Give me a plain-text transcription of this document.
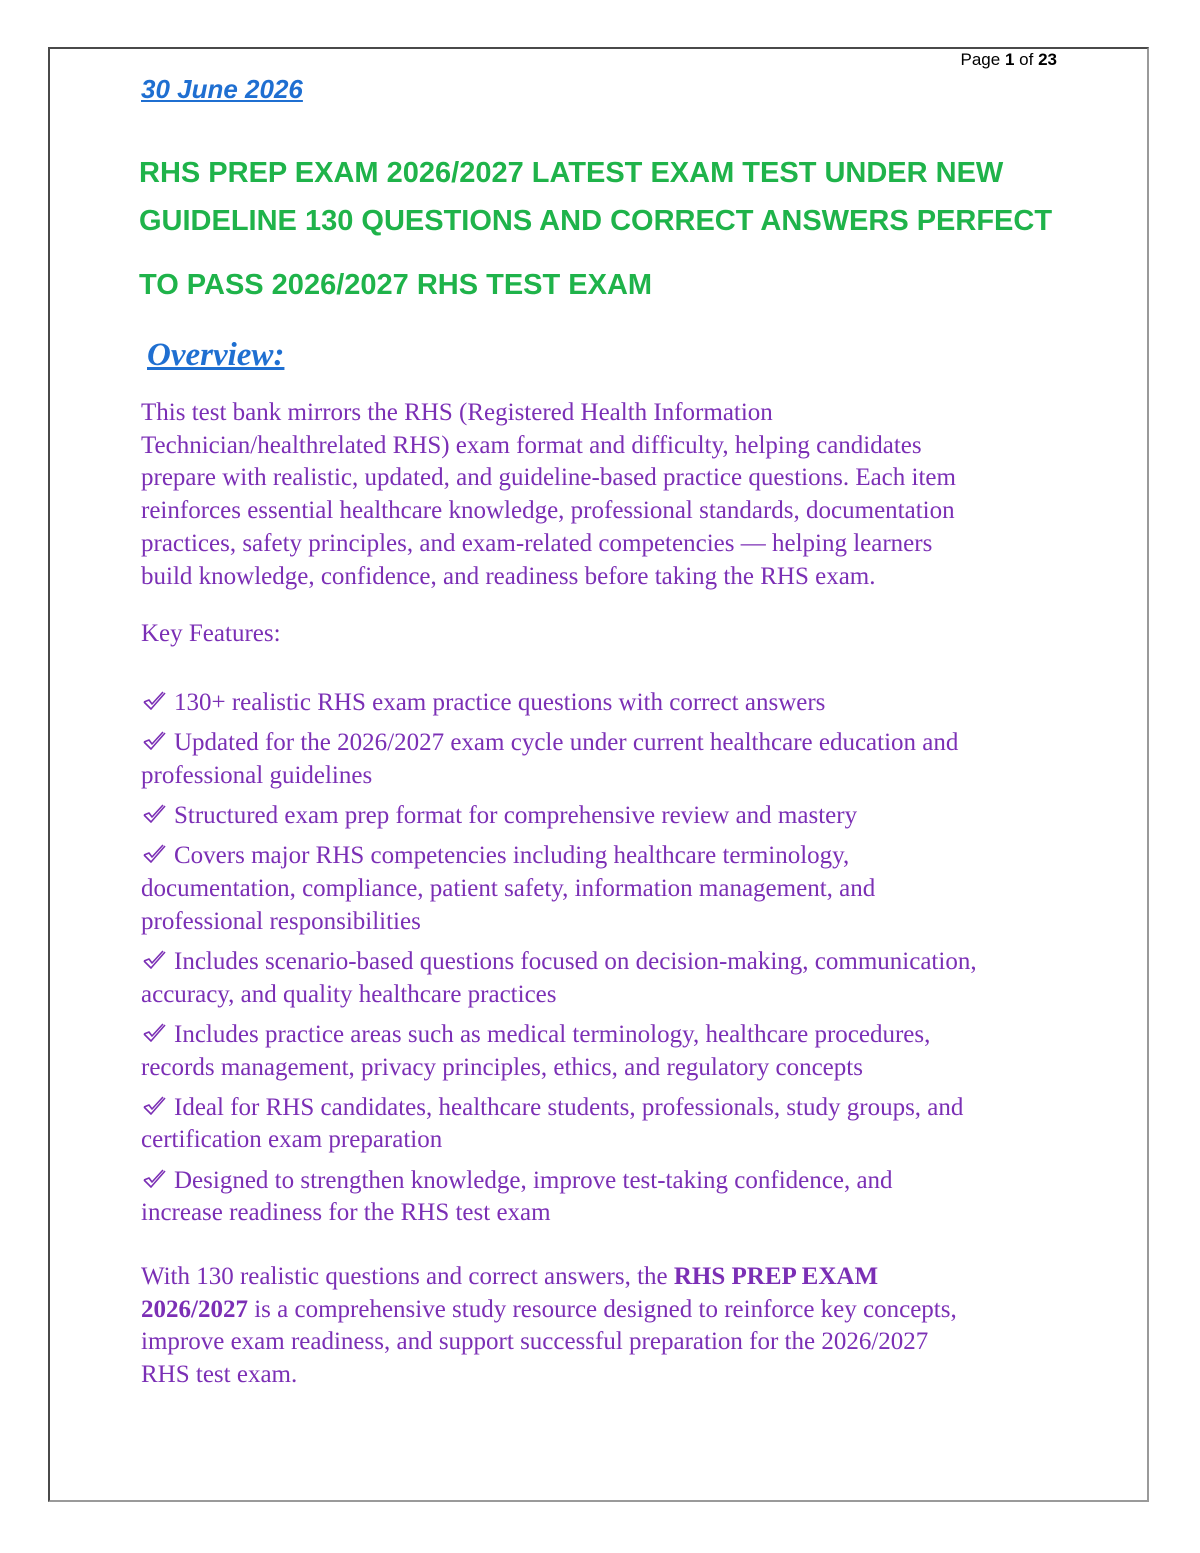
Page 1 of 23
30 June 2026
RHS PREP EXAM 2026/2027 LATEST EXAM TEST UNDER NEW
GUIDELINE 130 QUESTIONS AND CORRECT ANSWERS PERFECT
TO PASS 2026/2027 RHS TEST EXAM
Overview:

This test bank mirrors the RHS (Registered Health Information
Technician/healthrelated RHS) exam format and difficulty, helping candidates
prepare with realistic, updated, and guideline-based practice questions. Each item
reinforces essential healthcare knowledge, professional standards, documentation
practices, safety principles, and exam-related competencies — helping learners
build knowledge, confidence, and readiness before taking the RHS exam.

Key Features:

130+ realistic RHS exam practice questions with correct answers
Updated for the 2026/2027 exam cycle under current healthcare education and
professional guidelines
Structured exam prep format for comprehensive review and mastery
Covers major RHS competencies including healthcare terminology,
documentation, compliance, patient safety, information management, and
professional responsibilities
Includes scenario-based questions focused on decision-making, communication,
accuracy, and quality healthcare practices
Includes practice areas such as medical terminology, healthcare procedures,
records management, privacy principles, ethics, and regulatory concepts
Ideal for RHS candidates, healthcare students, professionals, study groups, and
certification exam preparation
Designed to strengthen knowledge, improve test-taking confidence, and
increase readiness for the RHS test exam

With 130 realistic questions and correct answers, the RHS PREP EXAM
2026/2027 is a comprehensive study resource designed to reinforce key concepts,
improve exam readiness, and support successful preparation for the 2026/2027
RHS test exam.
